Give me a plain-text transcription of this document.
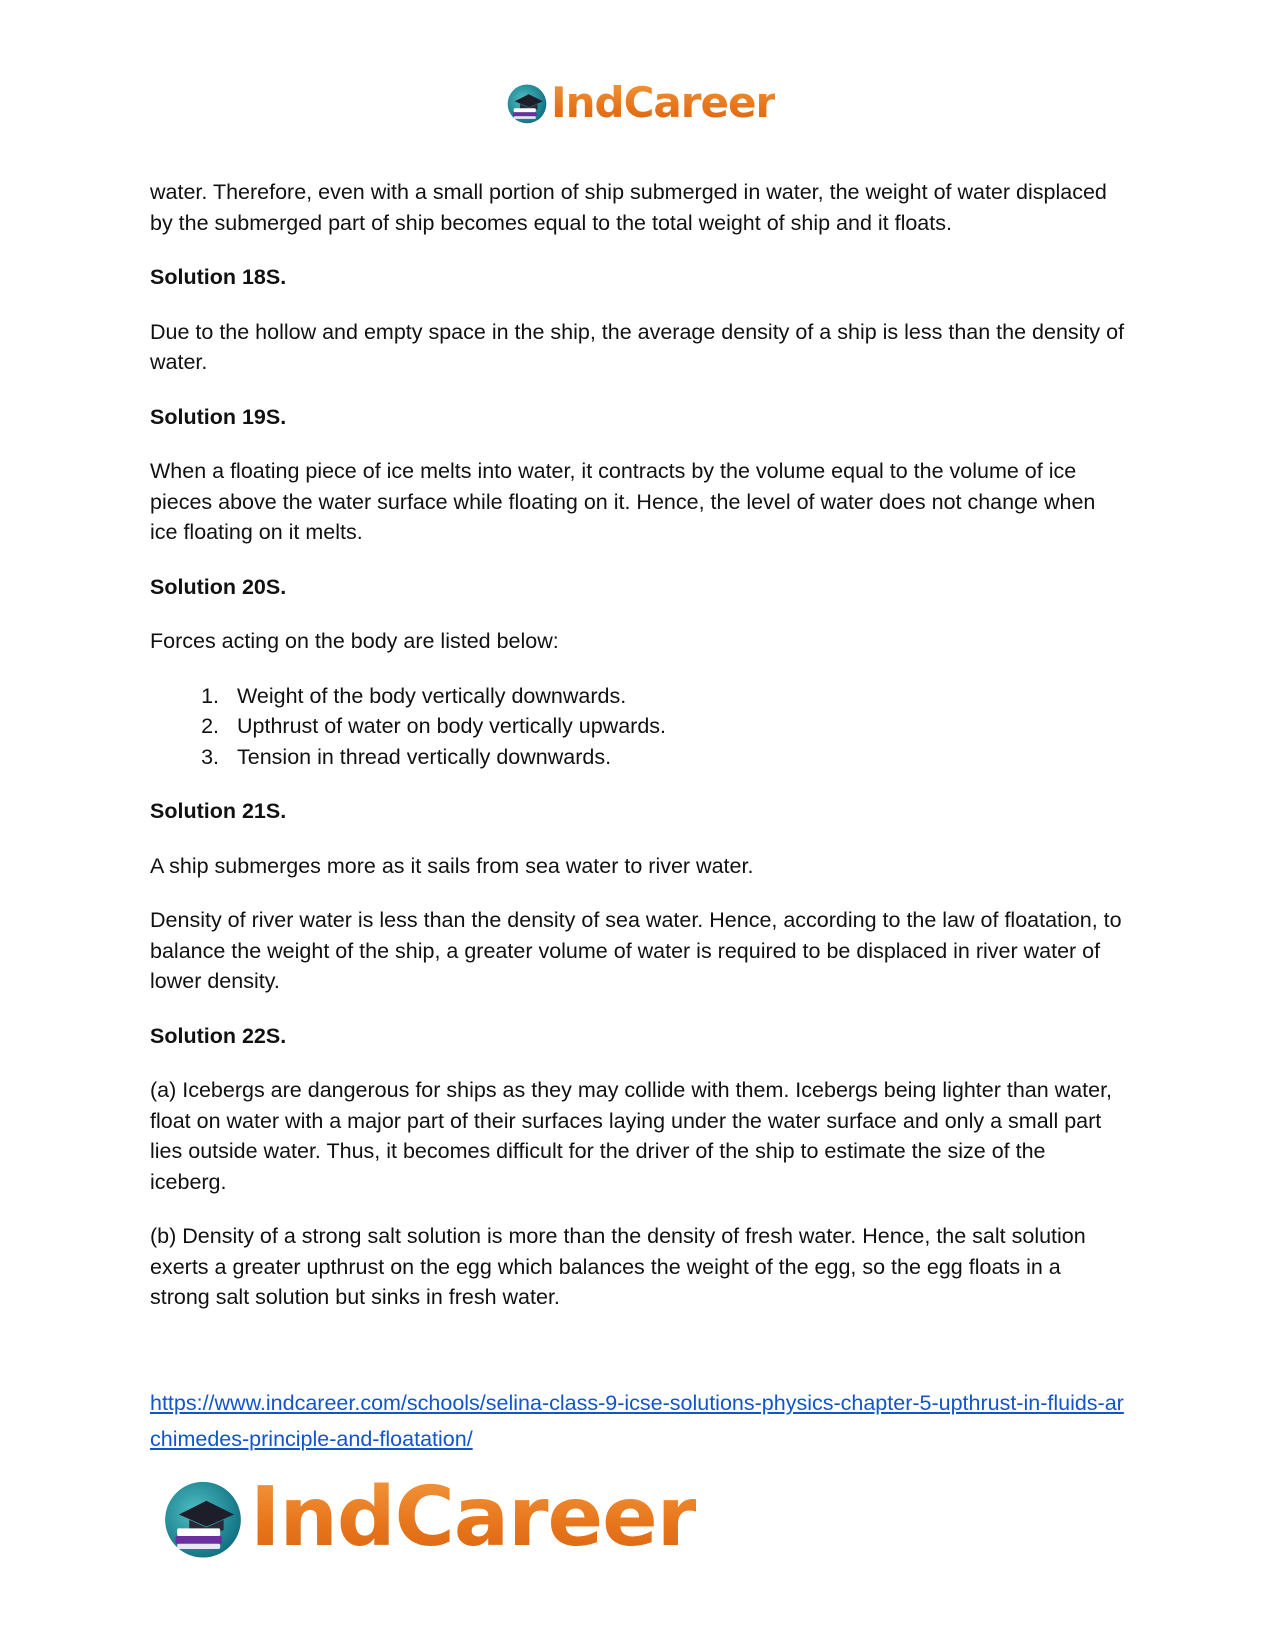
IndCareer

water. Therefore, even with a small portion of ship submerged in water, the weight of water displaced by the submerged part of ship becomes equal to the total weight of ship and it floats.

Solution 18S.

Due to the hollow and empty space in the ship, the average density of a ship is less than the density of water.

Solution 19S.

When a floating piece of ice melts into water, it contracts by the volume equal to the volume of ice pieces above the water surface while floating on it. Hence, the level of water does not change when ice floating on it melts.

Solution 20S.

Forces acting on the body are listed below:

1. Weight of the body vertically downwards.
2. Upthrust of water on body vertically upwards.
3. Tension in thread vertically downwards.
Solution 21S.

A ship submerges more as it sails from sea water to river water.

Density of river water is less than the density of sea water. Hence, according to the law of floatation, to balance the weight of the ship, a greater volume of water is required to be displaced in river water of lower density.

Solution 22S.

(a) Icebergs are dangerous for ships as they may collide with them. Icebergs being lighter than water, float on water with a major part of their surfaces laying under the water surface and only a small part lies outside water. Thus, it becomes difficult for the driver of the ship to estimate the size of the iceberg.

(b) Density of a strong salt solution is more than the density of fresh water. Hence, the salt solution exerts a greater upthrust on the egg which balances the weight of the egg, so the egg floats in a strong salt solution but sinks in fresh water.

https://www.indcareer.com/schools/selina-class-9-icse-solutions-physics-chapter-5-upthrust-in-fluids-archimedes-principle-and-floatation/
IndCareer
